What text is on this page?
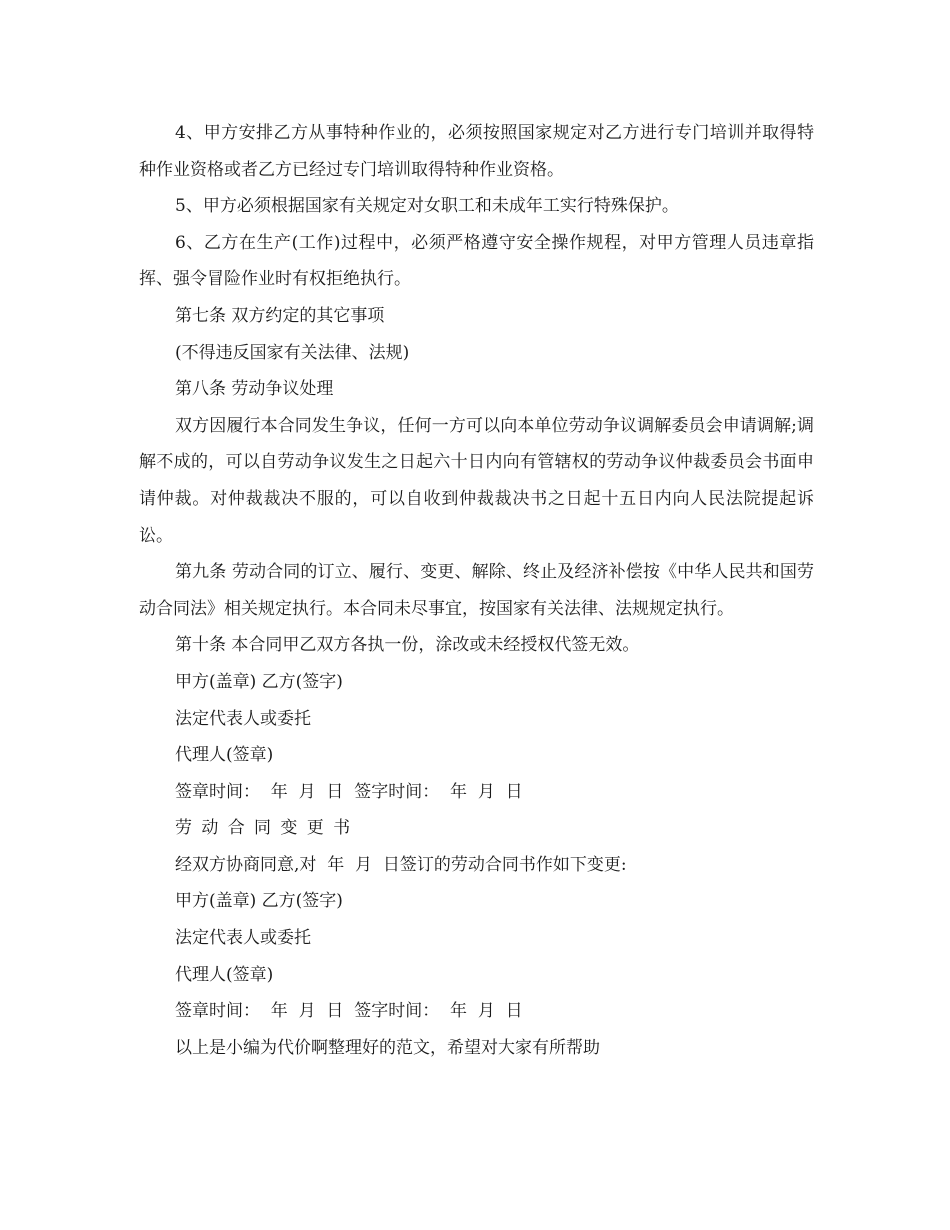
4、甲方安排乙方从事特种作业的，必须按照国家规定对乙方进行专门培训并取得特种作业资格或者乙方已经过专门培训取得特种作业资格。

5、甲方必须根据国家有关规定对女职工和未成年工实行特殊保护。

6、乙方在生产(工作)过程中，必须严格遵守安全操作规程，对甲方管理人员违章指挥、强令冒险作业时有权拒绝执行。

第七条 双方约定的其它事项

(不得违反国家有关法律、法规)

第八条 劳动争议处理

双方因履行本合同发生争议，任何一方可以向本单位劳动争议调解委员会申请调解;调解不成的，可以自劳动争议发生之日起六十日内向有管辖权的劳动争议仲裁委员会书面申请仲裁。对仲裁裁决不服的，可以自收到仲裁裁决书之日起十五日内向人民法院提起诉讼。

第九条 劳动合同的订立、履行、变更、解除、终止及经济补偿按《中华人民共和国劳动合同法》相关规定执行。本合同未尽事宜，按国家有关法律、法规规定执行。

第十条 本合同甲乙双方各执一份，涂改或未经授权代签无效。

甲方(盖章) 乙方(签字)

法定代表人或委托

代理人(签章)

签章时间：  年  月  日  签字时间：  年  月  日

劳动合同变更书

经双方协商同意,对  年  月  日签订的劳动合同书作如下变更:

甲方(盖章) 乙方(签字)

法定代表人或委托

代理人(签章)

签章时间：  年  月  日  签字时间：  年  月  日

以上是小编为代价啊整理好的范文，希望对大家有所帮助
